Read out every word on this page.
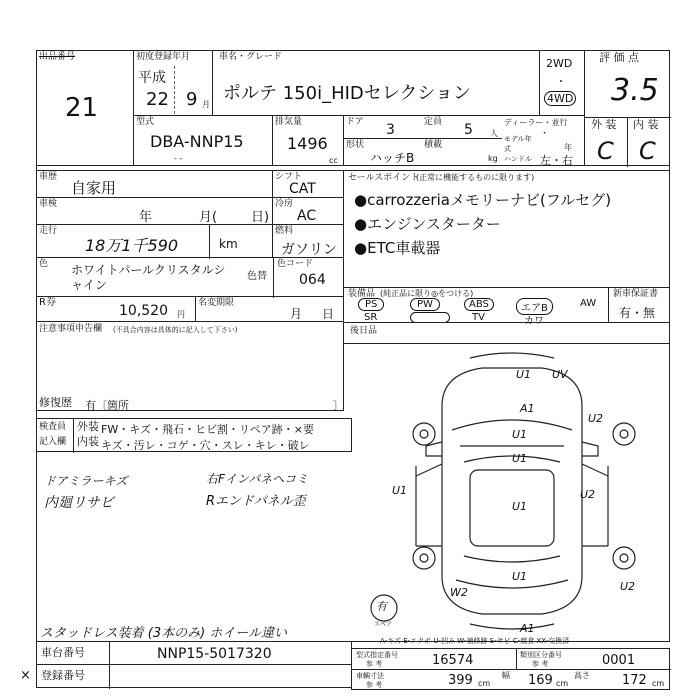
出品番号
21
初度登録年月
平成
22 9 月
車名・グレード
ポルテ 150i_HIDセレクション
2WD
・
4WD
評 価 点
3.5
外 装 内 装
C C
型式
DBA-NNP15
- -
排気量
1496
cc
ドア 3	定員 5 人
ディーラー・並行
・
形状
ハッチB
積載
kg
モデル年式	年
ハンドル 左・右
車歴
自家用
車検
年	月(	日)
走行
18万1千590	km
シフト
CAT
冷房
AC
燃料
ガソリン
セールスポイント
(正常に機能するものに限ります)
●carrozzeriaメモリーナビ(フルセグ)
●エンジンスターター
●ETC車載器
色 ホワイトパールクリスタルシャイン
色替
色コード
064
R券
10,520 円
名変期限
月 日
装備品 (純正品に限り◎をつける)
PS	PW	ABS	エアB	AW
SR	TV	カワ
新車保証書
有・無
注意事項申告欄 (不具合内容は具体的に記入して下さい)
修復歴 有〔箇所	〕
後日品
検査員
記入欄
外装 FW・キズ・飛石・ヒビ割・リペア跡・×要
内装 キズ・汚レ・コゲ・穴・スレ・キレ・破レ
ドアミラーキズ
内廻リサビ
右Fインパネヘコミ
Rエンドパネル歪
スタッドレス装着 (3本のみ) ホイール違い
有
スペア
U1 UV
A1
U1
U2
U1
U1
U1
U2
W2
U1
U2
A1
A-キズ E-エクボ U-凹み W-補修跡 S-サビ C-腐食 XX-交換済
車台番号	NNP15-5017320
登録番号
×
型式指定番号
参 考	16574	類別区分番号
参 考	0001
車輌寸法
参 考	399 cm
幅 169 cm
高さ 172 cm
